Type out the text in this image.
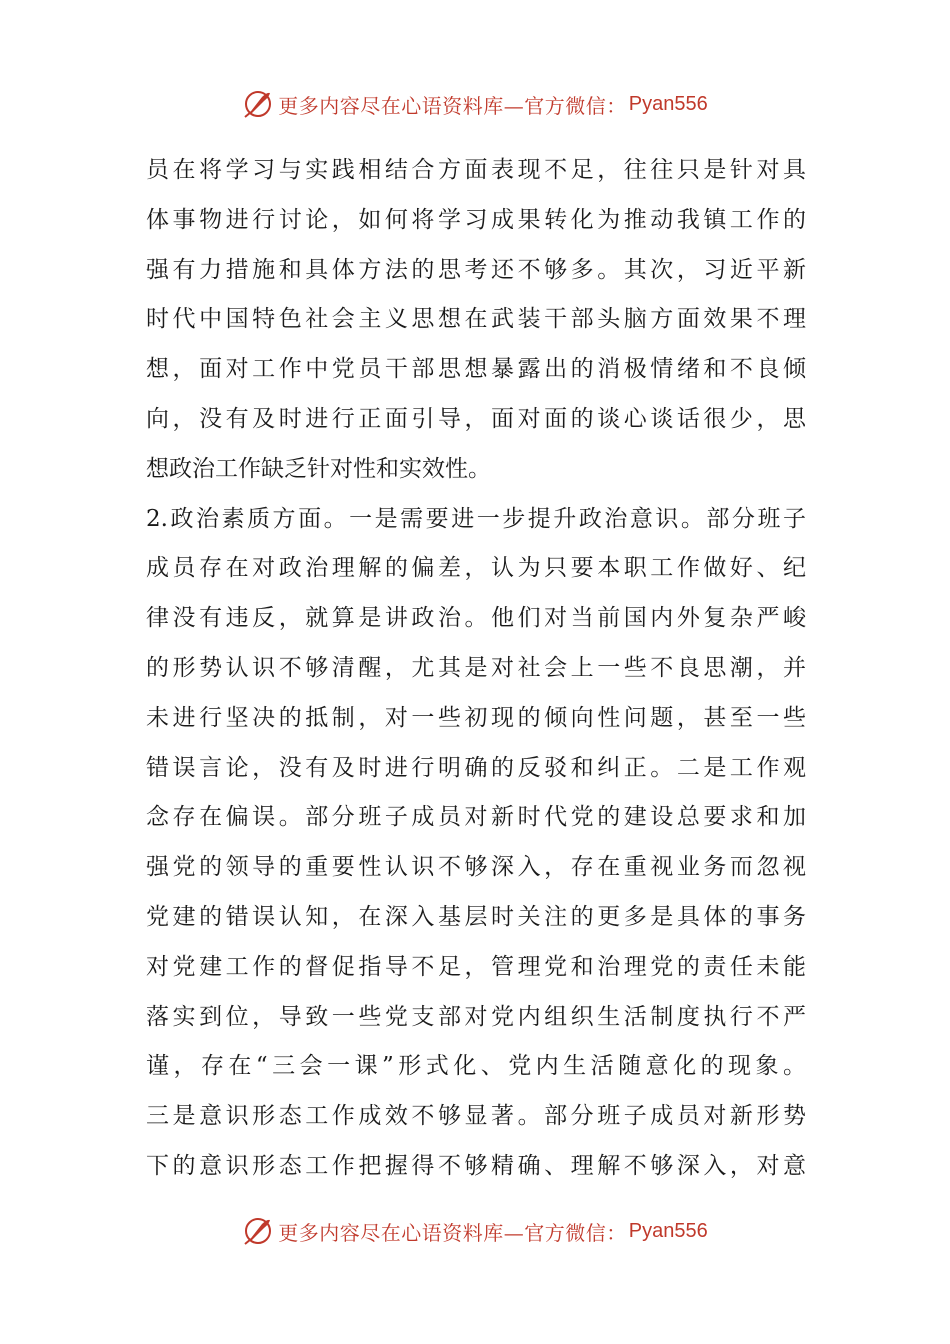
更多内容尽在心语资料库—官方微信： Pyan556
员在将学习与实践相结合方面表现不足，往往只是针对具
体事物进行讨论，如何将学习成果转化为推动我镇工作的
强有力措施和具体方法的思考还不够多。其次，习近平新
时代中国特色社会主义思想在武装干部头脑方面效果不理
想，面对工作中党员干部思想暴露出的消极情绪和不良倾
向，没有及时进行正面引导，面对面的谈心谈话很少，思
想政治工作缺乏针对性和实效性。
2.政治素质方面。一是需要进一步提升政治意识。部分班子
成员存在对政治理解的偏差，认为只要本职工作做好、纪
律没有违反，就算是讲政治。他们对当前国内外复杂严峻
的形势认识不够清醒，尤其是对社会上一些不良思潮，并
未进行坚决的抵制，对一些初现的倾向性问题，甚至一些
错误言论，没有及时进行明确的反驳和纠正。二是工作观
念存在偏误。部分班子成员对新时代党的建设总要求和加
强党的领导的重要性认识不够深入，存在重视业务而忽视
党建的错误认知，在深入基层时关注的更多是具体的事务
对党建工作的督促指导不足，管理党和治理党的责任未能
落实到位，导致一些党支部对党内组织生活制度执行不严
谨，存在“三会一课”形式化、党内生活随意化的现象。
三是意识形态工作成效不够显著。部分班子成员对新形势
下的意识形态工作把握得不够精确、理解不够深入，对意
更多内容尽在心语资料库—官方微信： Pyan556
